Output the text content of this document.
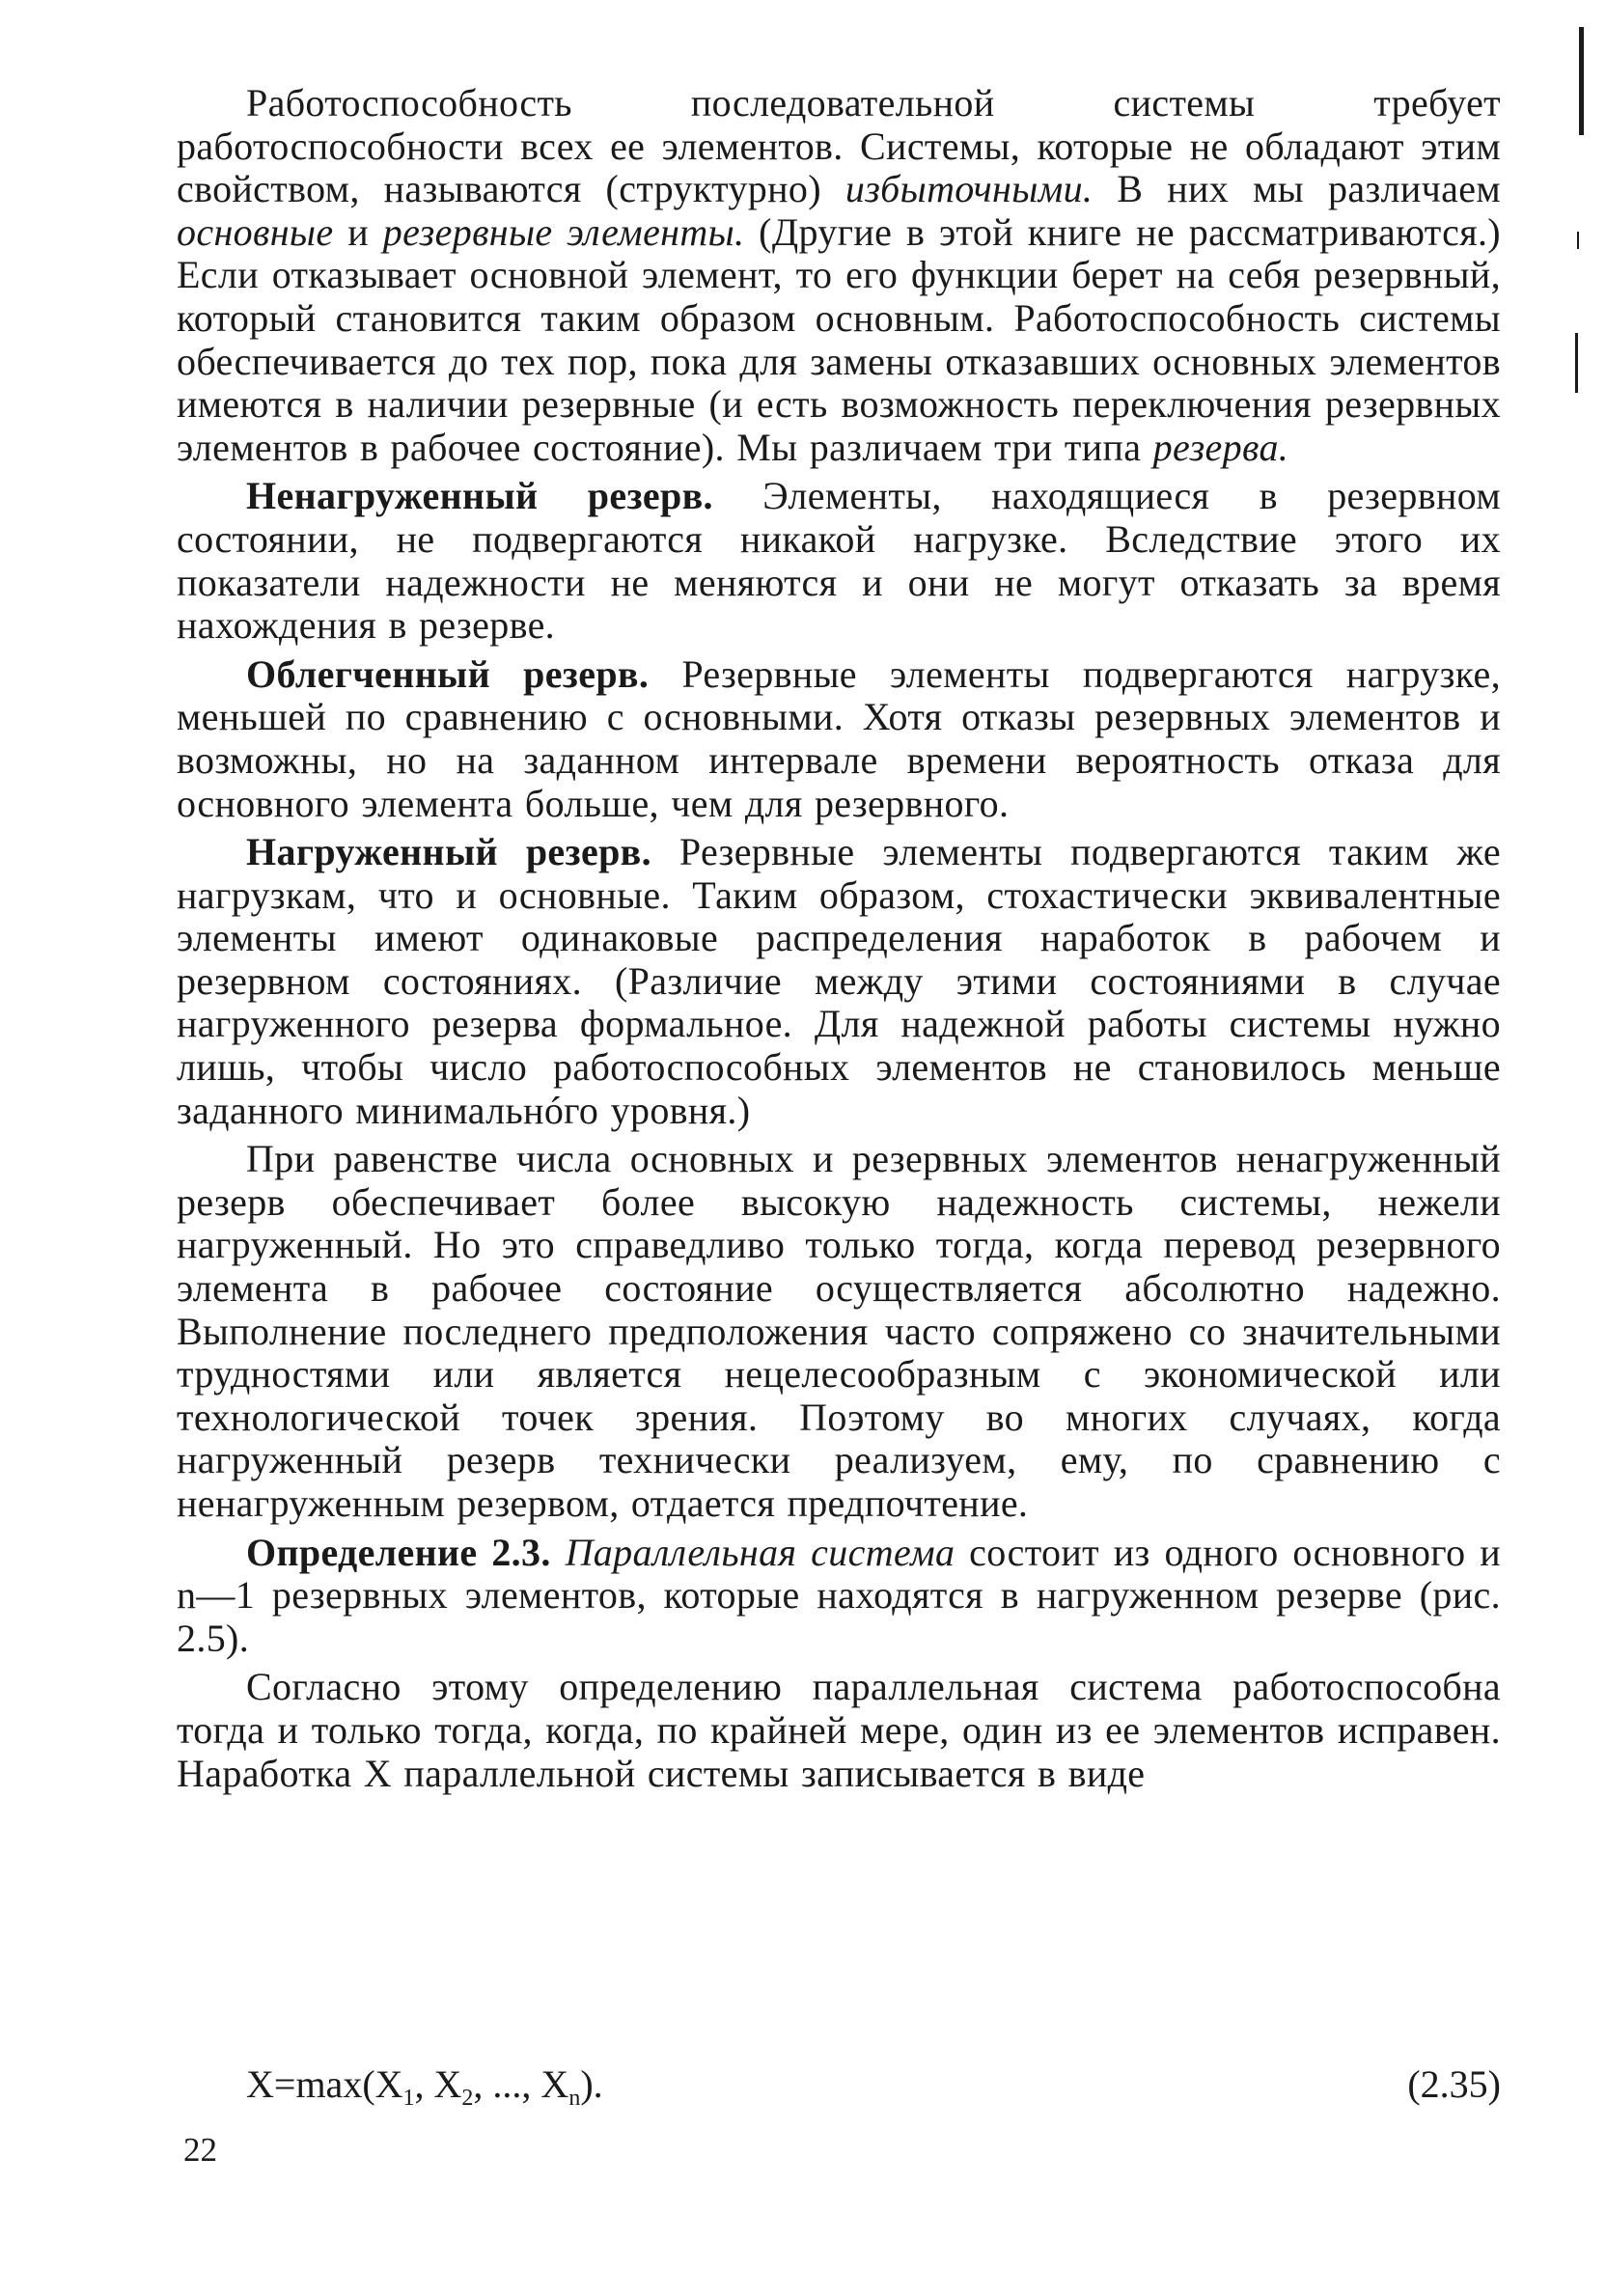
Работоспособность последовательной системы требует работоспособности всех ее элементов. Системы, которые не обладают этим свойством, называются (структурно) избыточными. В них мы различаем основные и резервные элементы. (Другие в этой книге не рассматриваются.) Если отказывает основной элемент, то его функции берет на себя резервный, который становится таким образом основным. Работоспособность системы обеспечивается до тех пор, пока для замены отказавших основных элементов имеются в наличии резервные (и есть возможность переключения резервных элементов в рабочее состояние). Мы различаем три типа резерва.

Ненагруженный резерв. Элементы, находящиеся в резервном состоянии, не подвергаются никакой нагрузке. Вследствие этого их показатели надежности не меняются и они не могут отказать за время нахождения в резерве.

Облегченный резерв. Резервные элементы подвергаются нагрузке, меньшей по сравнению с основными. Хотя отказы резервных элементов и возможны, но на заданном интервале времени вероятность отказа для основного элемента больше, чем для резервного.

Нагруженный резерв. Резервные элементы подвергаются таким же нагрузкам, что и основные. Таким образом, стохастически эквивалентные элементы имеют одинаковые распределения наработок в рабочем и резервном состояниях. (Различие между этими состояниями в случае нагруженного резерва формальное. Для надежной работы системы нужно лишь, чтобы число работоспособных элементов не становилось меньше заданного минимальнóго уровня.)

При равенстве числа основных и резервных элементов ненагруженный резерв обеспечивает более высокую надежность системы, нежели нагруженный. Но это справедливо только тогда, когда перевод резервного элемента в рабочее состояние осуществляется абсолютно надежно. Выполнение последнего предположения часто сопряжено со значительными трудностями или является нецелесообразным с экономической или технологической точек зрения. Поэтому во многих случаях, когда нагруженный резерв технически реализуем, ему, по сравнению с ненагруженным резервом, отдается предпочтение.

Определение 2.3. Параллельная система состоит из одного основного и n—1 резервных элементов, которые находятся в нагруженном резерве (рис. 2.5).

Согласно этому определению параллельная система работоспособна тогда и только тогда, когда, по крайней мере, один из ее элементов исправен. Наработка X параллельной системы записывается в виде

$X=\max(X_1$, $X_2$, ..., $X_n$).	(2.35)
22
